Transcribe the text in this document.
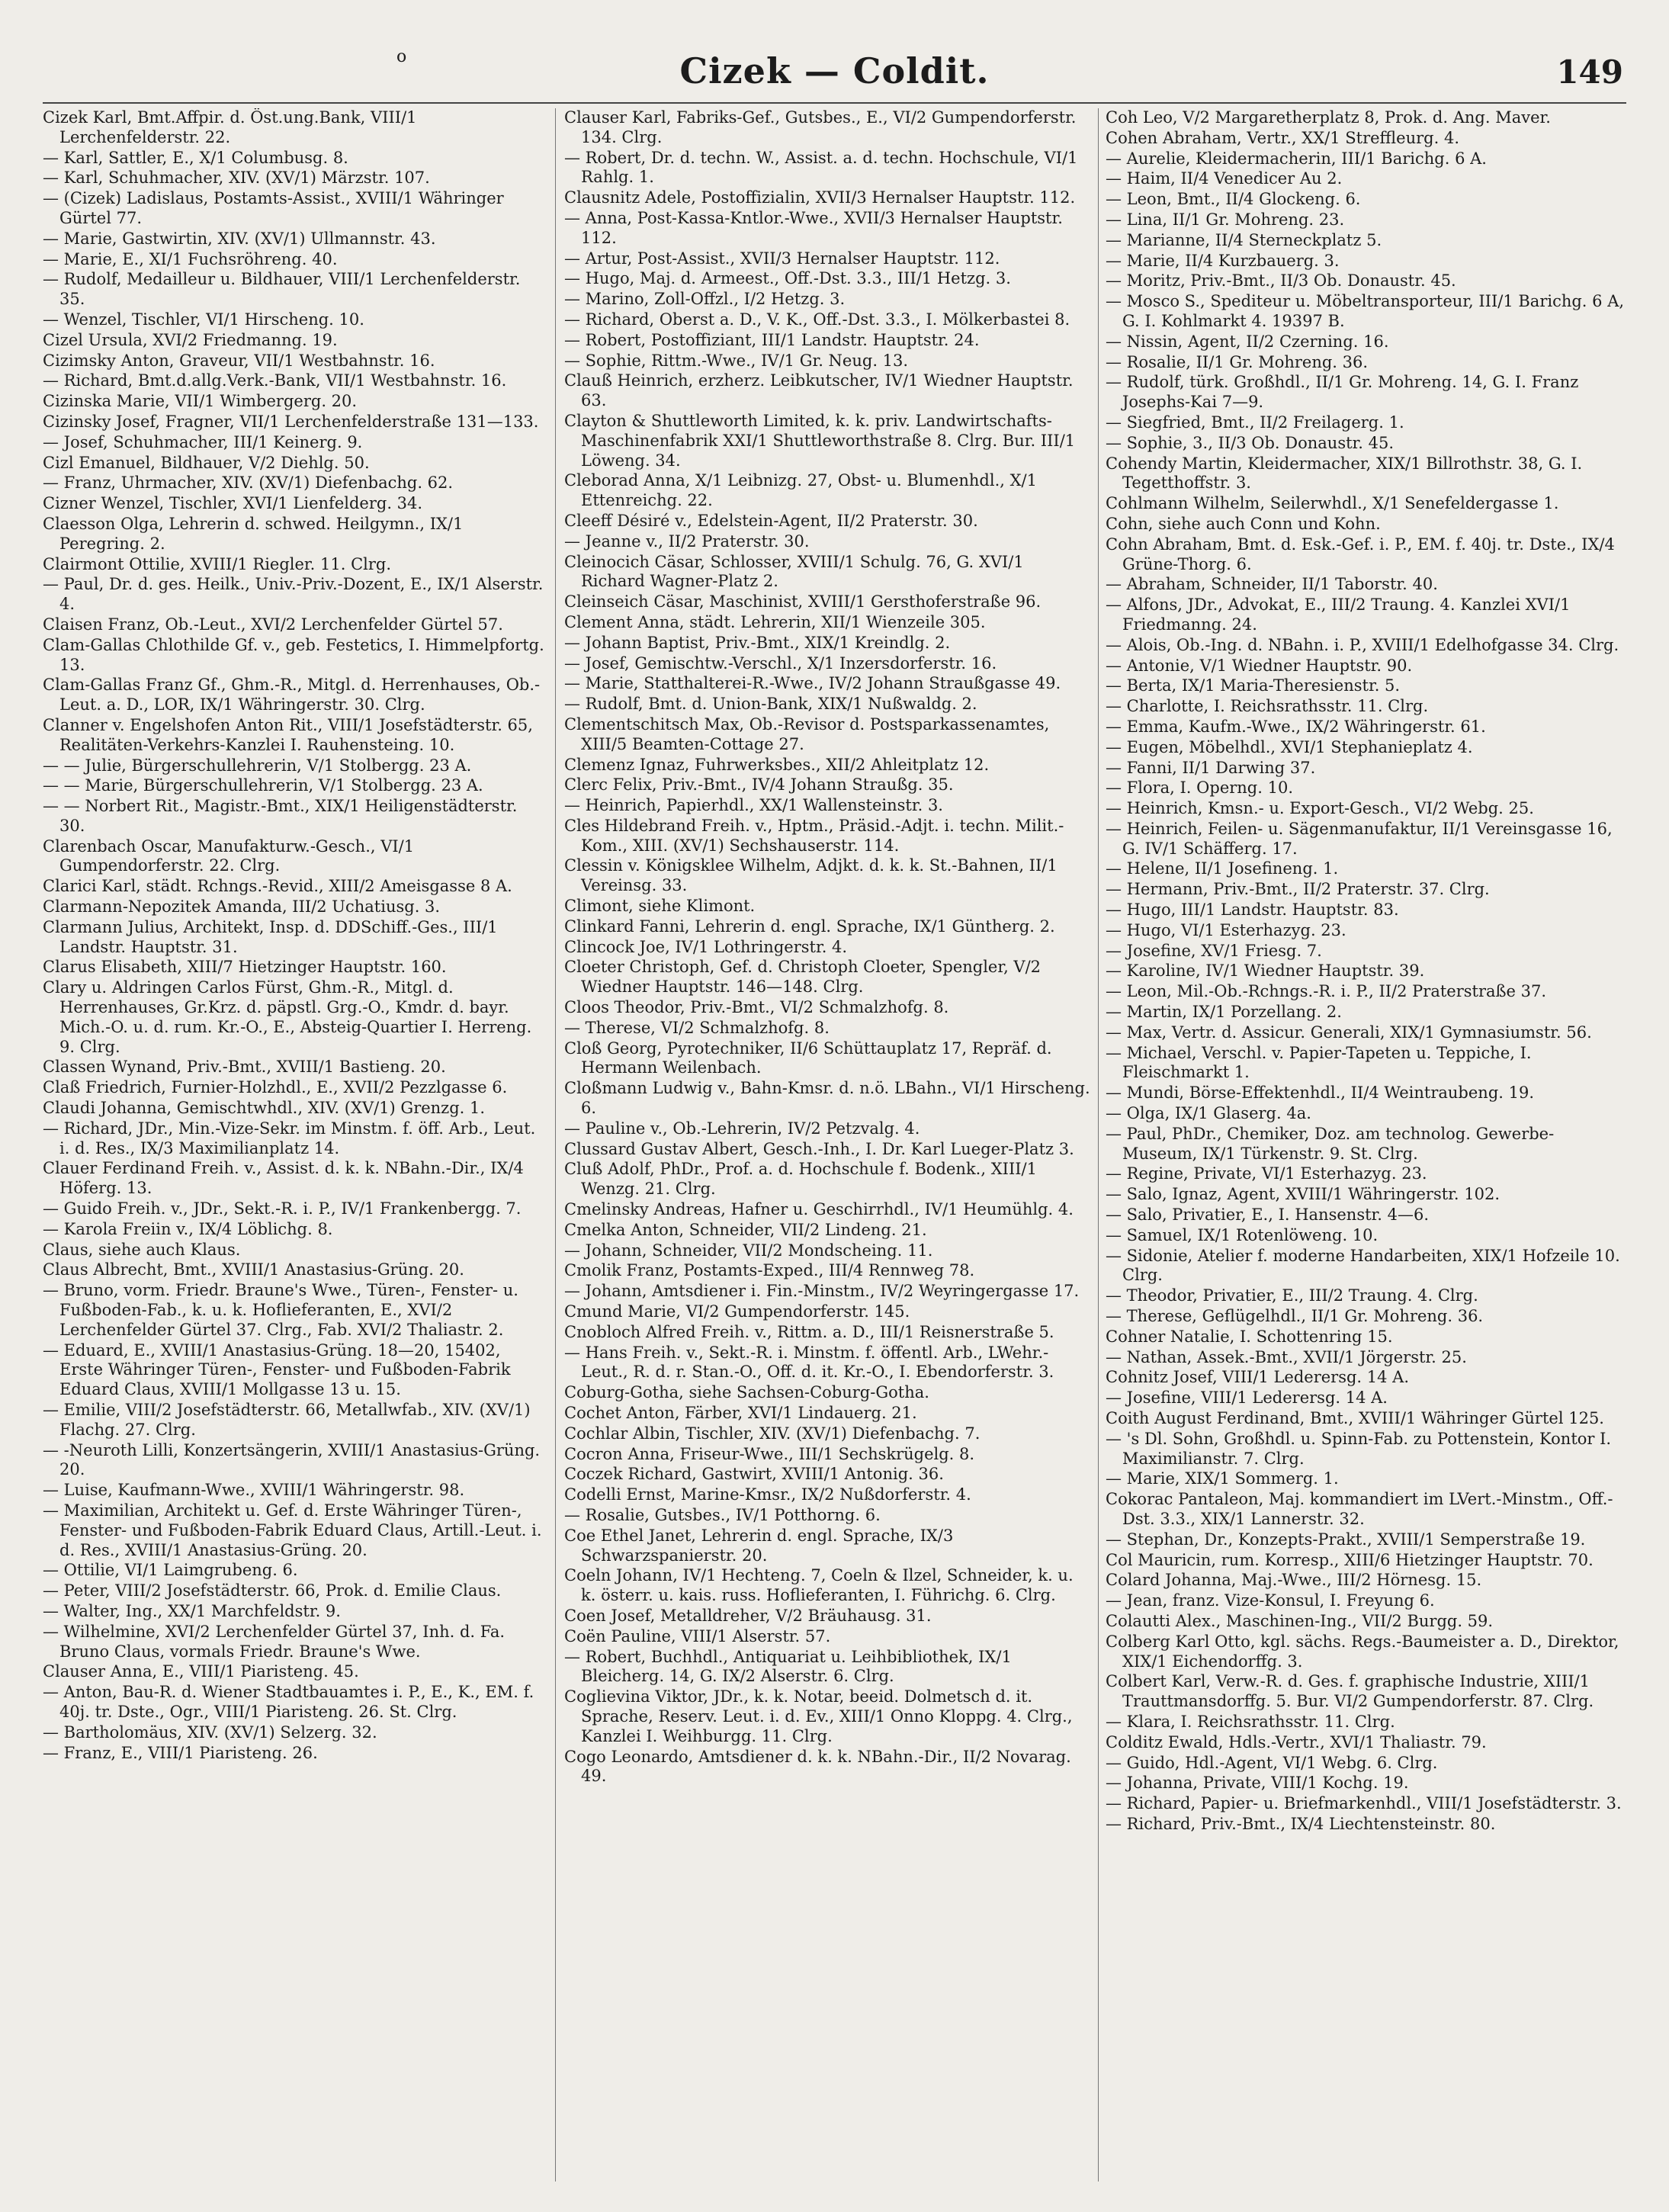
o	Cizek — Coldit.	149
Cizek Karl, Bmt.Affpir. d. Öst.ung.Bank, VIII/1 Lerchenfelderstr. 22.
— Karl, Sattler, E., X/1 Columbusg. 8.
— Karl, Schuhmacher, XIV. (XV/1) Märzstr. 107.
— (Cizek) Ladislaus, Postamts-Assist., XVIII/1 Währinger Gürtel 77.
— Marie, Gastwirtin, XIV. (XV/1) Ullmannstr. 43.
— Marie, E., XI/1 Fuchsröhreng. 40.
— Rudolf, Medailleur u. Bildhauer, VIII/1 Lerchenfelderstr. 35.
— Wenzel, Tischler, VI/1 Hirscheng. 10.
Cizel Ursula, XVI/2 Friedmanng. 19.
Cizimsky Anton, Graveur, VII/1 Westbahnstr. 16.
— Richard, Bmt.d.allg.Verk.-Bank, VII/1 Westbahnstr. 16.
Cizinska Marie, VII/1 Wimbergerg. 20.
Cizinsky Josef, Fragner, VII/1 Lerchenfelderstraße 131—133.
— Josef, Schuhmacher, III/1 Keinerg. 9.
Cizl Emanuel, Bildhauer, V/2 Diehlg. 50.
— Franz, Uhrmacher, XIV. (XV/1) Diefenbachg. 62.
Cizner Wenzel, Tischler, XVI/1 Lienfelderg. 34.
Claesson Olga, Lehrerin d. schwed. Heilgymn., IX/1 Peregring. 2.
Clairmont Ottilie, XVIII/1 Riegler. 11. Clrg.
— Paul, Dr. d. ges. Heilk., Univ.-Priv.-Dozent, E., IX/1 Alserstr. 4.
Claisen Franz, Ob.-Leut., XVI/2 Lerchenfelder Gürtel 57.
Clam-Gallas Chlothilde Gf. v., geb. Festetics, I. Himmelpfortg. 13.
Clam-Gallas Franz Gf., Ghm.-R., Mitgl. d. Herrenhauses, Ob.-Leut. a. D., LOR, IX/1 Währingerstr. 30. Clrg.
Clanner v. Engelshofen Anton Rit., VIII/1 Josefstädterstr. 65, Realitäten-Verkehrs-Kanzlei I. Rauhensteing. 10.
— — Julie, Bürgerschullehrerin, V/1 Stolbergg. 23 A.
— — Marie, Bürgerschullehrerin, V/1 Stolbergg. 23 A.
— — Norbert Rit., Magistr.-Bmt., XIX/1 Heiligenstädterstr. 30.
Clarenbach Oscar, Manufakturw.-Gesch., VI/1 Gumpendorferstr. 22. Clrg.
Clarici Karl, städt. Rchngs.-Revid., XIII/2 Ameisgasse 8 A.
Clarmann-Nepozitek Amanda, III/2 Uchatiusg. 3.
Clarmann Julius, Architekt, Insp. d. DDSchiff.-Ges., III/1 Landstr. Hauptstr. 31.
Clarus Elisabeth, XIII/7 Hietzinger Hauptstr. 160.
Clary u. Aldringen Carlos Fürst, Ghm.-R., Mitgl. d. Herrenhauses, Gr.Krz. d. päpstl. Grg.-O., Kmdr. d. bayr. Mich.-O. u. d. rum. Kr.-O., E., Absteig-Quartier I. Herreng. 9. Clrg.
Classen Wynand, Priv.-Bmt., XVIII/1 Bastieng. 20.
Claß Friedrich, Furnier-Holzhdl., E., XVII/2 Pezzlgasse 6.
Claudi Johanna, Gemischtwhdl., XIV. (XV/1) Grenzg. 1.
— Richard, JDr., Min.-Vize-Sekr. im Minstm. f. öff. Arb., Leut. i. d. Res., IX/3 Maximilianplatz 14.
Clauer Ferdinand Freih. v., Assist. d. k. k. NBahn.-Dir., IX/4 Höferg. 13.
— Guido Freih. v., JDr., Sekt.-R. i. P., IV/1 Frankenbergg. 7.
— Karola Freiin v., IX/4 Löblichg. 8.
Claus, siehe auch Klaus.
Claus Albrecht, Bmt., XVIII/1 Anastasius-Grüng. 20.
— Bruno, vorm. Friedr. Braune's Wwe., Türen-, Fenster- u. Fußboden-Fab., k. u. k. Hoflieferanten, E., XVI/2 Lerchenfelder Gürtel 37. Clrg., Fab. XVI/2 Thaliastr. 2.
— Eduard, E., XVIII/1 Anastasius-Grüng. 18—20, 15402, Erste Währinger Türen-, Fenster- und Fußboden-Fabrik Eduard Claus, XVIII/1 Mollgasse 13 u. 15.
— Emilie, VIII/2 Josefstädterstr. 66, Metallwfab., XIV. (XV/1) Flachg. 27. Clrg.
— -Neuroth Lilli, Konzertsängerin, XVIII/1 Anastasius-Grüng. 20.
— Luise, Kaufmann-Wwe., XVIII/1 Währingerstr. 98.
— Maximilian, Architekt u. Gef. d. Erste Währinger Türen-, Fenster- und Fußboden-Fabrik Eduard Claus, Artill.-Leut. i. d. Res., XVIII/1 Anastasius-Grüng. 20.
— Ottilie, VI/1 Laimgrubeng. 6.
— Peter, VIII/2 Josefstädterstr. 66, Prok. d. Emilie Claus.
— Walter, Ing., XX/1 Marchfeldstr. 9.
— Wilhelmine, XVI/2 Lerchenfelder Gürtel 37, Inh. d. Fa. Bruno Claus, vormals Friedr. Braune's Wwe.
Clauser Anna, E., VIII/1 Piaristeng. 45.
— Anton, Bau-R. d. Wiener Stadtbauamtes i. P., E., K., EM. f. 40j. tr. Dste., Ogr., VIII/1 Piaristeng. 26. St. Clrg.
— Bartholomäus, XIV. (XV/1) Selzerg. 32.
— Franz, E., VIII/1 Piaristeng. 26.
Clauser Karl, Fabriks-Gef., Gutsbes., E., VI/2 Gumpendorferstr. 134. Clrg.
— Robert, Dr. d. techn. W., Assist. a. d. techn. Hochschule, VI/1 Rahlg. 1.
Clausnitz Adele, Postoffizialin, XVII/3 Hernalser Hauptstr. 112.
— Anna, Post-Kassa-Kntlor.-Wwe., XVII/3 Hernalser Hauptstr. 112.
— Artur, Post-Assist., XVII/3 Hernalser Hauptstr. 112.
— Hugo, Maj. d. Armeest., Off.-Dst. 3.3., III/1 Hetzg. 3.
— Marino, Zoll-Offzl., I/2 Hetzg. 3.
— Richard, Oberst a. D., V. K., Off.-Dst. 3.3., I. Mölkerbastei 8.
— Robert, Postoffiziant, III/1 Landstr. Hauptstr. 24.
— Sophie, Rittm.-Wwe., IV/1 Gr. Neug. 13.
Clauß Heinrich, erzherz. Leibkutscher, IV/1 Wiedner Hauptstr. 63.
Clayton & Shuttleworth Limited, k. k. priv. Landwirtschafts-Maschinenfabrik XXI/1 Shuttleworthstraße 8. Clrg. Bur. III/1 Löweng. 34.
Cleborad Anna, X/1 Leibnizg. 27, Obst- u. Blumenhdl., X/1 Ettenreichg. 22.
Cleeff Désiré v., Edelstein-Agent, II/2 Praterstr. 30.
— Jeanne v., II/2 Praterstr. 30.
Cleinocich Cäsar, Schlosser, XVIII/1 Schulg. 76, G. XVI/1 Richard Wagner-Platz 2.
Cleinseich Cäsar, Maschinist, XVIII/1 Gersthoferstraße 96.
Clement Anna, städt. Lehrerin, XII/1 Wienzeile 305.
— Johann Baptist, Priv.-Bmt., XIX/1 Kreindlg. 2.
— Josef, Gemischtw.-Verschl., X/1 Inzersdorferstr. 16.
— Marie, Statthalterei-R.-Wwe., IV/2 Johann Straußgasse 49.
— Rudolf, Bmt. d. Union-Bank, XIX/1 Nußwaldg. 2.
Clementschitsch Max, Ob.-Revisor d. Postsparkassenamtes, XIII/5 Beamten-Cottage 27.
Clemenz Ignaz, Fuhrwerksbes., XII/2 Ahleitplatz 12.
Clerc Felix, Priv.-Bmt., IV/4 Johann Straußg. 35.
— Heinrich, Papierhdl., XX/1 Wallensteinstr. 3.
Cles Hildebrand Freih. v., Hptm., Präsid.-Adjt. i. techn. Milit.-Kom., XIII. (XV/1) Sechshauserstr. 114.
Clessin v. Königsklee Wilhelm, Adjkt. d. k. k. St.-Bahnen, II/1 Vereinsg. 33.
Climont, siehe Klimont.
Clinkard Fanni, Lehrerin d. engl. Sprache, IX/1 Güntherg. 2.
Clincock Joe, IV/1 Lothringerstr. 4.
Cloeter Christoph, Gef. d. Christoph Cloeter, Spengler, V/2 Wiedner Hauptstr. 146—148. Clrg.
Cloos Theodor, Priv.-Bmt., VI/2 Schmalzhofg. 8.
— Therese, VI/2 Schmalzhofg. 8.
Cloß Georg, Pyrotechniker, II/6 Schüttauplatz 17, Repräf. d. Hermann Weilenbach.
Cloßmann Ludwig v., Bahn-Kmsr. d. n.ö. LBahn., VI/1 Hirscheng. 6.
— Pauline v., Ob.-Lehrerin, IV/2 Petzvalg. 4.
Clussard Gustav Albert, Gesch.-Inh., I. Dr. Karl Lueger-Platz 3.
Cluß Adolf, PhDr., Prof. a. d. Hochschule f. Bodenk., XIII/1 Wenzg. 21. Clrg.
Cmelinsky Andreas, Hafner u. Geschirrhdl., IV/1 Heumühlg. 4.
Cmelka Anton, Schneider, VII/2 Lindeng. 21.
— Johann, Schneider, VII/2 Mondscheing. 11.
Cmolik Franz, Postamts-Exped., III/4 Rennweg 78.
— Johann, Amtsdiener i. Fin.-Minstm., IV/2 Weyringergasse 17.
Cmund Marie, VI/2 Gumpendorferstr. 145.
Cnobloch Alfred Freih. v., Rittm. a. D., III/1 Reisnerstraße 5.
— Hans Freih. v., Sekt.-R. i. Minstm. f. öffentl. Arb., LWehr.-Leut., R. d. r. Stan.-O., Off. d. it. Kr.-O., I. Ebendorferstr. 3.
Coburg-Gotha, siehe Sachsen-Coburg-Gotha.
Cochet Anton, Färber, XVI/1 Lindauerg. 21.
Cochlar Albin, Tischler, XIV. (XV/1) Diefenbachg. 7.
Cocron Anna, Friseur-Wwe., III/1 Sechskrügelg. 8.
Coczek Richard, Gastwirt, XVIII/1 Antonig. 36.
Codelli Ernst, Marine-Kmsr., IX/2 Nußdorferstr. 4.
— Rosalie, Gutsbes., IV/1 Potthorng. 6.
Coe Ethel Janet, Lehrerin d. engl. Sprache, IX/3 Schwarzspanierstr. 20.
Coeln Johann, IV/1 Hechteng. 7, Coeln & Ilzel, Schneider, k. u. k. österr. u. kais. russ. Hoflieferanten, I. Führichg. 6. Clrg.
Coen Josef, Metalldreher, V/2 Bräuhausg. 31.
Coën Pauline, VIII/1 Alserstr. 57.
— Robert, Buchhdl., Antiquariat u. Leihbibliothek, IX/1 Bleicherg. 14, G. IX/2 Alserstr. 6. Clrg.
Coglievina Viktor, JDr., k. k. Notar, beeid. Dolmetsch d. it. Sprache, Reserv. Leut. i. d. Ev., XIII/1 Onno Kloppg. 4. Clrg., Kanzlei I. Weihburgg. 11. Clrg.
Cogo Leonardo, Amtsdiener d. k. k. NBahn.-Dir., II/2 Novarag. 49.
Coh Leo, V/2 Margaretherplatz 8, Prok. d. Ang. Maver.
Cohen Abraham, Vertr., XX/1 Streffleurg. 4.
— Aurelie, Kleidermacherin, III/1 Barichg. 6 A.
— Haim, II/4 Venedicer Au 2.
— Leon, Bmt., II/4 Glockeng. 6.
— Lina, II/1 Gr. Mohreng. 23.
— Marianne, II/4 Sterneckplatz 5.
— Marie, II/4 Kurzbauerg. 3.
— Moritz, Priv.-Bmt., II/3 Ob. Donaustr. 45.
— Mosco S., Spediteur u. Möbeltransporteur, III/1 Barichg. 6 A, G. I. Kohlmarkt 4. 19397 B.
— Nissin, Agent, II/2 Czerning. 16.
— Rosalie, II/1 Gr. Mohreng. 36.
— Rudolf, türk. Großhdl., II/1 Gr. Mohreng. 14, G. I. Franz Josephs-Kai 7—9.
— Siegfried, Bmt., II/2 Freilagerg. 1.
— Sophie, 3., II/3 Ob. Donaustr. 45.
Cohendy Martin, Kleidermacher, XIX/1 Billrothstr. 38, G. I. Tegetthoffstr. 3.
Cohlmann Wilhelm, Seilerwhdl., X/1 Senefeldergasse 1.
Cohn, siehe auch Conn und Kohn.
Cohn Abraham, Bmt. d. Esk.-Gef. i. P., EM. f. 40j. tr. Dste., IX/4 Grüne-Thorg. 6.
— Abraham, Schneider, II/1 Taborstr. 40.
— Alfons, JDr., Advokat, E., III/2 Traung. 4. Kanzlei XVI/1 Friedmanng. 24.
— Alois, Ob.-Ing. d. NBahn. i. P., XVIII/1 Edelhofgasse 34. Clrg.
— Antonie, V/1 Wiedner Hauptstr. 90.
— Berta, IX/1 Maria-Theresienstr. 5.
— Charlotte, I. Reichsrathsstr. 11. Clrg.
— Emma, Kaufm.-Wwe., IX/2 Währingerstr. 61.
— Eugen, Möbelhdl., XVI/1 Stephanieplatz 4.
— Fanni, II/1 Darwing 37.
— Flora, I. Operng. 10.
— Heinrich, Kmsn.- u. Export-Gesch., VI/2 Webg. 25.
— Heinrich, Feilen- u. Sägenmanufaktur, II/1 Vereinsgasse 16, G. IV/1 Schäfferg. 17.
— Helene, II/1 Josefineng. 1.
— Hermann, Priv.-Bmt., II/2 Praterstr. 37. Clrg.
— Hugo, III/1 Landstr. Hauptstr. 83.
— Hugo, VI/1 Esterhazyg. 23.
— Josefine, XV/1 Friesg. 7.
— Karoline, IV/1 Wiedner Hauptstr. 39.
— Leon, Mil.-Ob.-Rchngs.-R. i. P., II/2 Praterstraße 37.
— Martin, IX/1 Porzellang. 2.
— Max, Vertr. d. Assicur. Generali, XIX/1 Gymnasiumstr. 56.
— Michael, Verschl. v. Papier-Tapeten u. Teppiche, I. Fleischmarkt 1.
— Mundi, Börse-Effektenhdl., II/4 Weintraubeng. 19.
— Olga, IX/1 Glaserg. 4a.
— Paul, PhDr., Chemiker, Doz. am technolog. Gewerbe-Museum, IX/1 Türkenstr. 9. St. Clrg.
— Regine, Private, VI/1 Esterhazyg. 23.
— Salo, Ignaz, Agent, XVIII/1 Währingerstr. 102.
— Salo, Privatier, E., I. Hansenstr. 4—6.
— Samuel, IX/1 Rotenlöweng. 10.
— Sidonie, Atelier f. moderne Handarbeiten, XIX/1 Hofzeile 10. Clrg.
— Theodor, Privatier, E., III/2 Traung. 4. Clrg.
— Therese, Geflügelhdl., II/1 Gr. Mohreng. 36.
Cohner Natalie, I. Schottenring 15.
— Nathan, Assek.-Bmt., XVII/1 Jörgerstr. 25.
Cohnitz Josef, VIII/1 Lederersg. 14 A.
— Josefine, VIII/1 Lederersg. 14 A.
Coith August Ferdinand, Bmt., XVIII/1 Währinger Gürtel 125.
— 's Dl. Sohn, Großhdl. u. Spinn-Fab. zu Pottenstein, Kontor I. Maximilianstr. 7. Clrg.
— Marie, XIX/1 Sommerg. 1.
Cokorac Pantaleon, Maj. kommandiert im LVert.-Minstm., Off.-Dst. 3.3., XIX/1 Lannerstr. 32.
— Stephan, Dr., Konzepts-Prakt., XVIII/1 Semperstraße 19.
Col Mauricin, rum. Korresp., XIII/6 Hietzinger Hauptstr. 70.
Colard Johanna, Maj.-Wwe., III/2 Hörnesg. 15.
— Jean, franz. Vize-Konsul, I. Freyung 6.
Colautti Alex., Maschinen-Ing., VII/2 Burgg. 59.
Colberg Karl Otto, kgl. sächs. Regs.-Baumeister a. D., Direktor, XIX/1 Eichendorffg. 3.
Colbert Karl, Verw.-R. d. Ges. f. graphische Industrie, XIII/1 Trauttmansdorffg. 5. Bur. VI/2 Gumpendorferstr. 87. Clrg.
— Klara, I. Reichsrathsstr. 11. Clrg.
Colditz Ewald, Hdls.-Vertr., XVI/1 Thaliastr. 79.
— Guido, Hdl.-Agent, VI/1 Webg. 6. Clrg.
— Johanna, Private, VIII/1 Kochg. 19.
— Richard, Papier- u. Briefmarkenhdl., VIII/1 Josefstädterstr. 3.
— Richard, Priv.-Bmt., IX/4 Liechtensteinstr. 80.
